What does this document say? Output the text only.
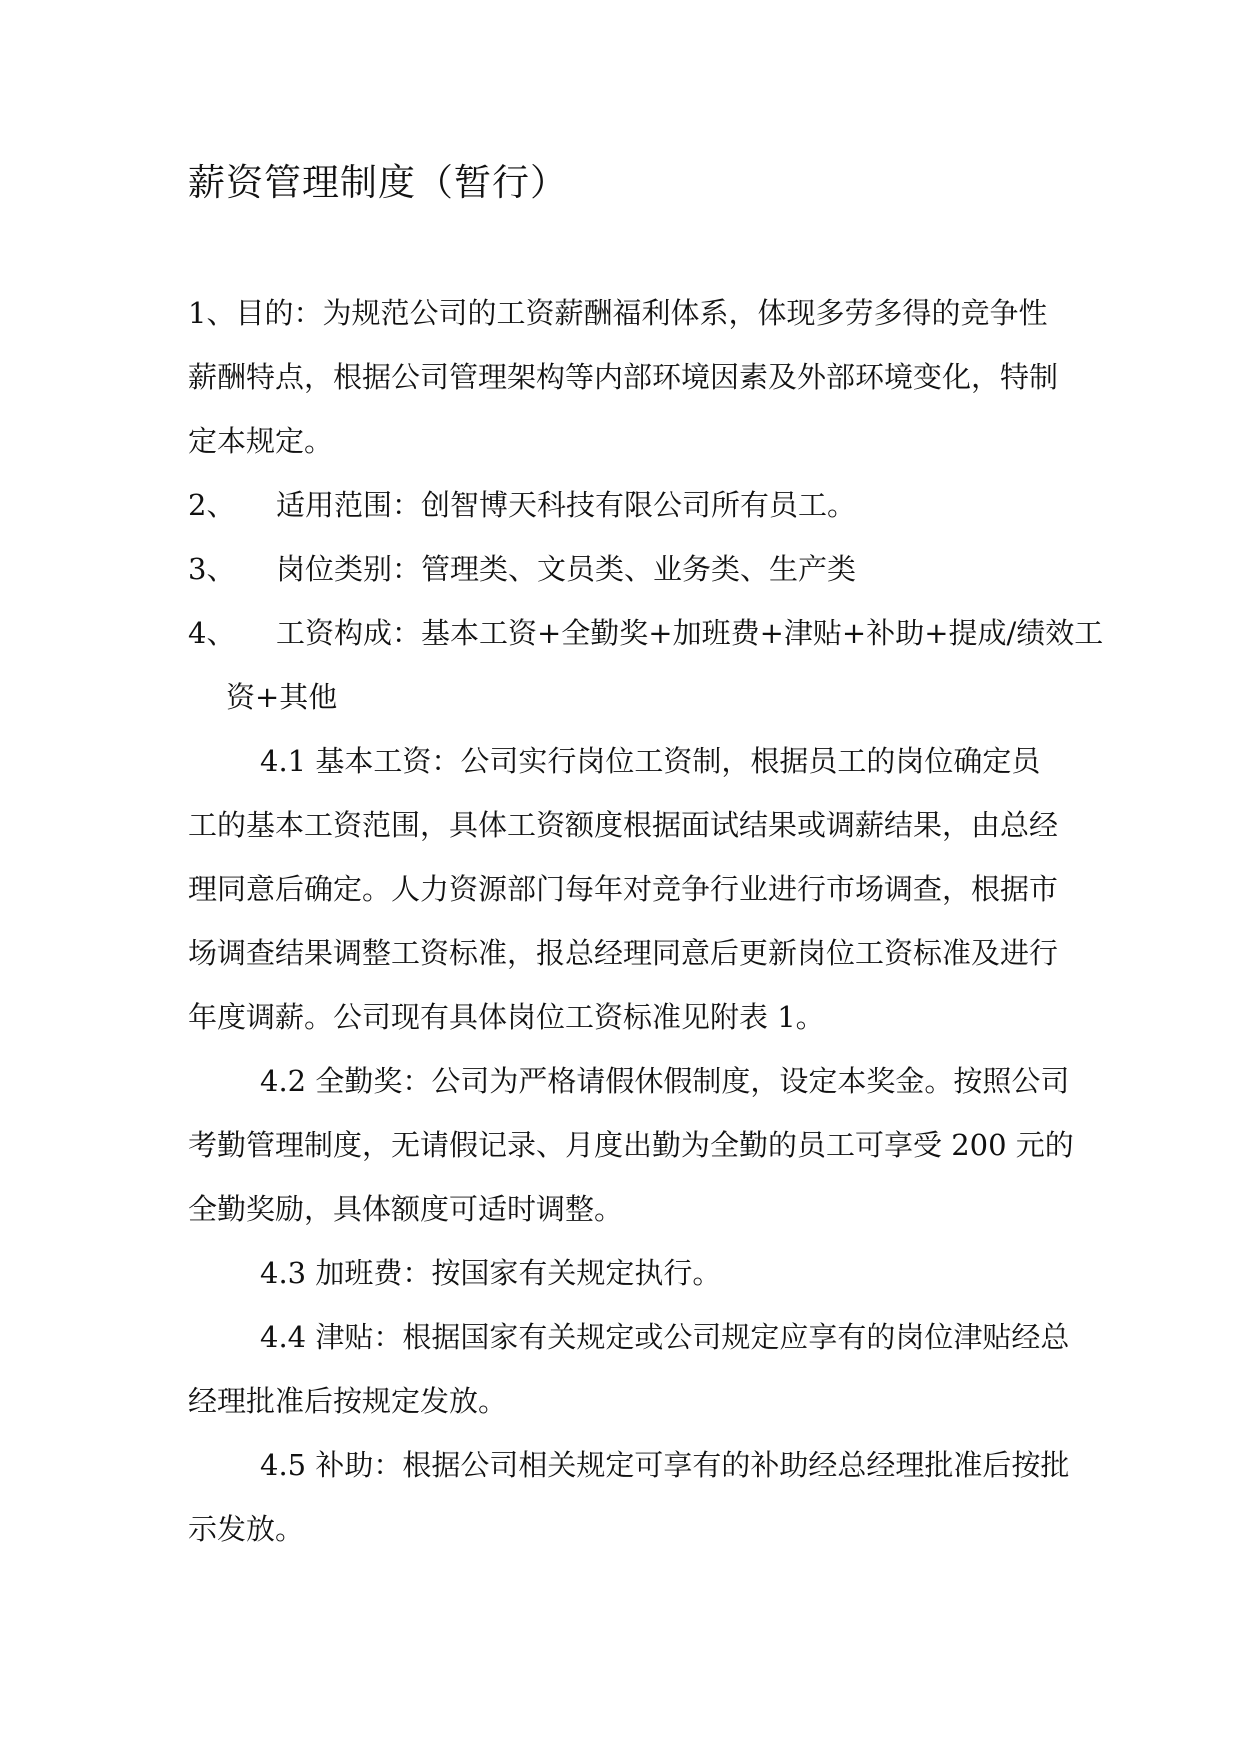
薪资管理制度（暂行）
1、目的：为规范公司的工资薪酬福利体系，体现多劳多得的竞争性
薪酬特点，根据公司管理架构等内部环境因素及外部环境变化，特制
定本规定。
2、 适用范围：创智博天科技有限公司所有员工。
3、 岗位类别：管理类、文员类、业务类、生产类
4、 工资构成：基本工资+全勤奖+加班费+津贴+补助+提成/绩效工
资+其他
4.1 基本工资：公司实行岗位工资制，根据员工的岗位确定员
工的基本工资范围，具体工资额度根据面试结果或调薪结果，由总经
理同意后确定。人力资源部门每年对竞争行业进行市场调查，根据市
场调查结果调整工资标准，报总经理同意后更新岗位工资标准及进行
年度调薪。公司现有具体岗位工资标准见附表 1。
4.2 全勤奖：公司为严格请假休假制度，设定本奖金。按照公司
考勤管理制度，无请假记录、月度出勤为全勤的员工可享受 200 元的
全勤奖励，具体额度可适时调整。
4.3 加班费：按国家有关规定执行。
4.4 津贴：根据国家有关规定或公司规定应享有的岗位津贴经总
经理批准后按规定发放。
4.5 补助：根据公司相关规定可享有的补助经总经理批准后按批
示发放。
